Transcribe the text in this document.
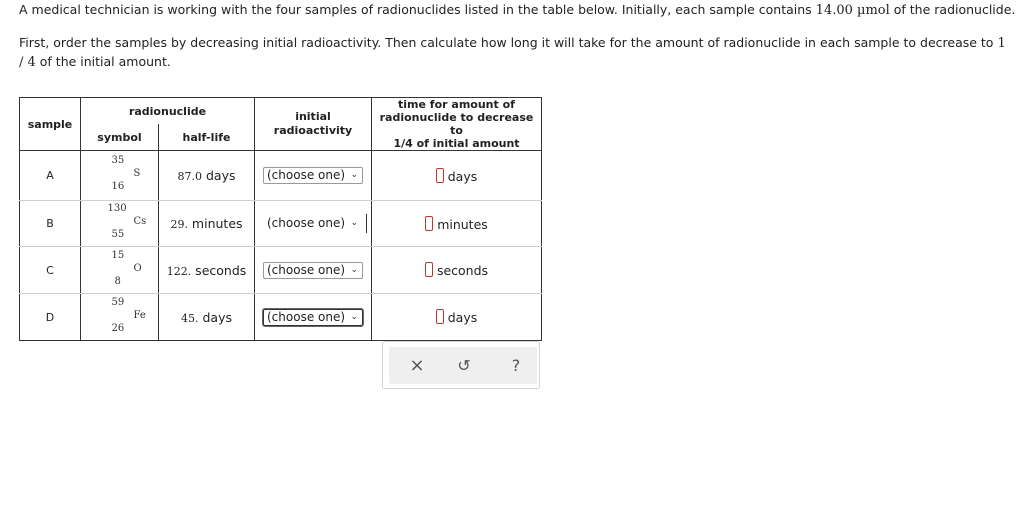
A medical technician is working with the four samples of radionuclides listed in the table below. Initially, each sample contains 14.00 µmol of the radionuclide.
First, order the samples by decreasing initial radioactivity. Then calculate how long it will take for the amount of radionuclide in each sample to decrease to 1 / 4 of the initial amount.
sample	radionuclide		initial radioactivity	time for amount of
radionuclide to decrease to
1/4 of initial amount

	symbol	half-life		
A	35
S
16	87.0 days	(choose one) ⌄	days
B	130
Cs
55	29. minutes	(choose one) ⌄	minutes
C	15
O
8	122. seconds	(choose one) ⌄	seconds
D	59
Fe
26	45. days	(choose one) ⌄	days
× ↺	?
